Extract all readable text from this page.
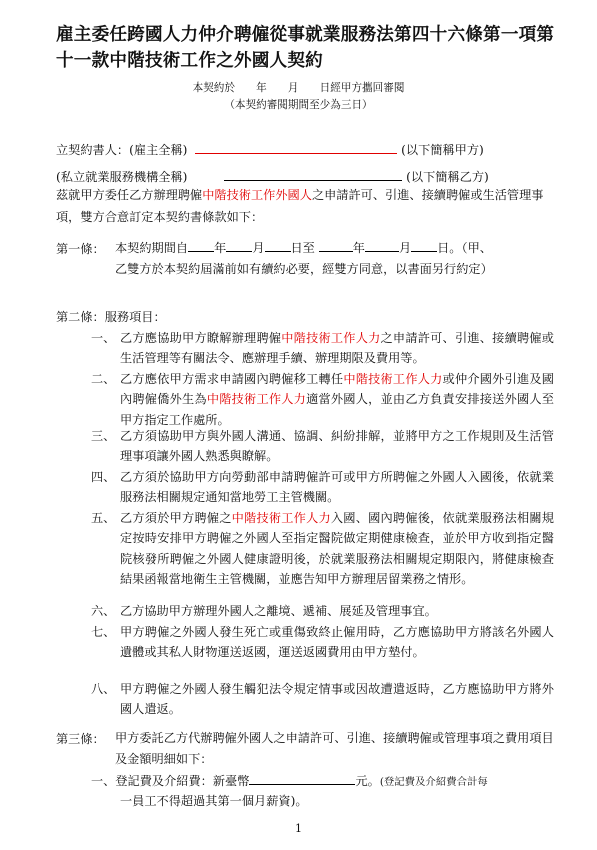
雇主委任跨國人力仲介聘僱從事就業服務法第四十六條第一項第十一款中階技術工作之外國人契約
本契約於　　年　　月　　日經甲方攜回審閱
（本契約審閱期間至少為三日）
立契約書人：(雇主全稱)	(以下簡稱甲方)
(私立就業服務機構全稱)	(以下簡稱乙方)
茲就甲方委任乙方辦理聘僱中階技術工作外國人之申請許可、引進、接續聘僱或生活管理事項，雙方合意訂定本契約書條款如下：
第一條： 本契約期間自 年 月 日至	年	月 日。（甲、
乙雙方於本契約屆滿前如有續約必要，經雙方同意，以書面另行約定）
第二條：服務項目：
一、 乙方應協助甲方瞭解辦理聘僱中階技術工作人力之申請許可、引進、接續聘僱或生活管理等有關法令、應辦理手續、辦理期限及費用等。
二、 乙方應依甲方需求申請國內聘僱移工轉任中階技術工作人力或仲介國外引進及國內聘僱僑外生為中階技術工作人力適當外國人，並由乙方負責安排接送外國人至甲方指定工作處所。
三、 乙方須協助甲方與外國人溝通、協調、糾紛排解，並將甲方之工作規則及生活管理事項讓外國人熟悉與瞭解。
四、 乙方須於協助甲方向勞動部申請聘僱許可或甲方所聘僱之外國人入國後，依就業服務法相關規定通知當地勞工主管機關。
五、 乙方須於甲方聘僱之中階技術工作人力入國、國內聘僱後，依就業服務法相關規定按時安排甲方聘僱之外國人至指定醫院做定期健康檢查，並於甲方收到指定醫院核發所聘僱之外國人健康證明後，於就業服務法相關規定期限內，將健康檢查結果函報當地衛生主管機關，並應告知甲方辦理居留業務之情形。
六、 乙方協助甲方辦理外國人之離境、遞補、展延及管理事宜。
七、 甲方聘僱之外國人發生死亡或重傷致終止僱用時，乙方應協助甲方將該名外國人遺體或其私人財物運送返國，運送返國費用由甲方墊付。
八、 甲方聘僱之外國人發生觸犯法令規定情事或因故遭遣返時，乙方應協助甲方將外國人遣返。
第三條： 甲方委託乙方代辦聘僱外國人之申請許可、引進、接續聘僱或管理事項之費用項目及金額明細如下：
一、登記費及介紹費：新臺幣	元。(登記費及介紹費合計每
一員工不得超過其第一個月薪資)。
1
